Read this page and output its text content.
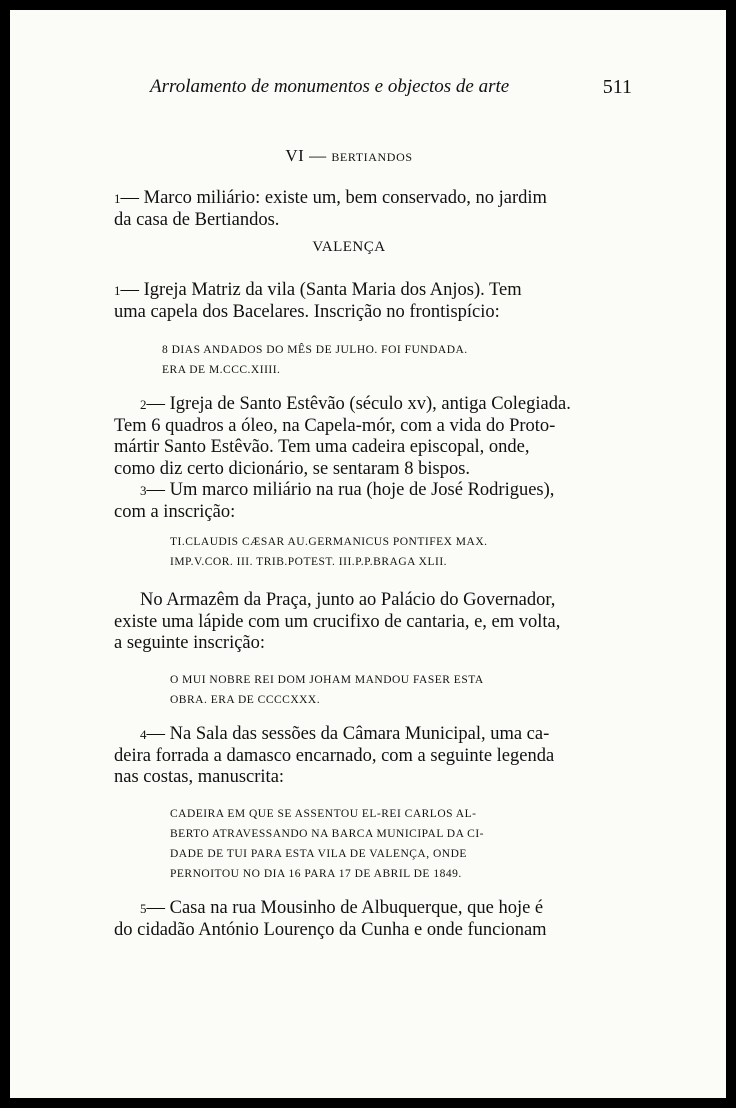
Arrolamento de monumentos e objectos de arte	511
VI — BERTIANDOS
1— Marco miliário: existe um, bem conservado, no jardim
da casa de Bertiandos.
VALENÇA
1— Igreja Matriz da vila (Santa Maria dos Anjos). Tem
uma capela dos Bacelares. Inscrição no frontispício:
8 DIAS ANDADOS DO MÊS DE JULHO. FOI FUNDADA.
ERA DE M.CCC.XIIII.
2— Igreja de Santo Estêvão (século xv), antiga Colegiada.
Tem 6 quadros a óleo, na Capela-mór, com a vida do Proto-
mártir Santo Estêvão. Tem uma cadeira episcopal, onde,
como diz certo dicionário, se sentaram 8 bispos.
3— Um marco miliário na rua (hoje de José Rodrigues),
com a inscrição:
TI.CLAUDIS CÆSAR AU.GERMANICUS PONTIFEX MAX.
IMP.V.COR. III. TRIB.POTEST. III.P.P.BRAGA XLII.
No Armazêm da Praça, junto ao Palácio do Governador,
existe uma lápide com um crucifixo de cantaria, e, em volta,
a seguinte inscrição:
O MUI NOBRE REI DOM JOHAM MANDOU FASER ESTA
OBRA. ERA DE CCCCXXX.
4— Na Sala das sessões da Câmara Municipal, uma ca-
deira forrada a damasco encarnado, com a seguinte legenda
nas costas, manuscrita:
CADEIRA EM QUE SE ASSENTOU EL-REI CARLOS AL-
BERTO ATRAVESSANDO NA BARCA MUNICIPAL DA CI-
DADE DE TUI PARA ESTA VILA DE VALENÇA, ONDE
PERNOITOU NO DIA 16 PARA 17 DE ABRIL DE 1849.
5— Casa na rua Mousinho de Albuquerque, que hoje é
do cidadão António Lourenço da Cunha e onde funcionam
